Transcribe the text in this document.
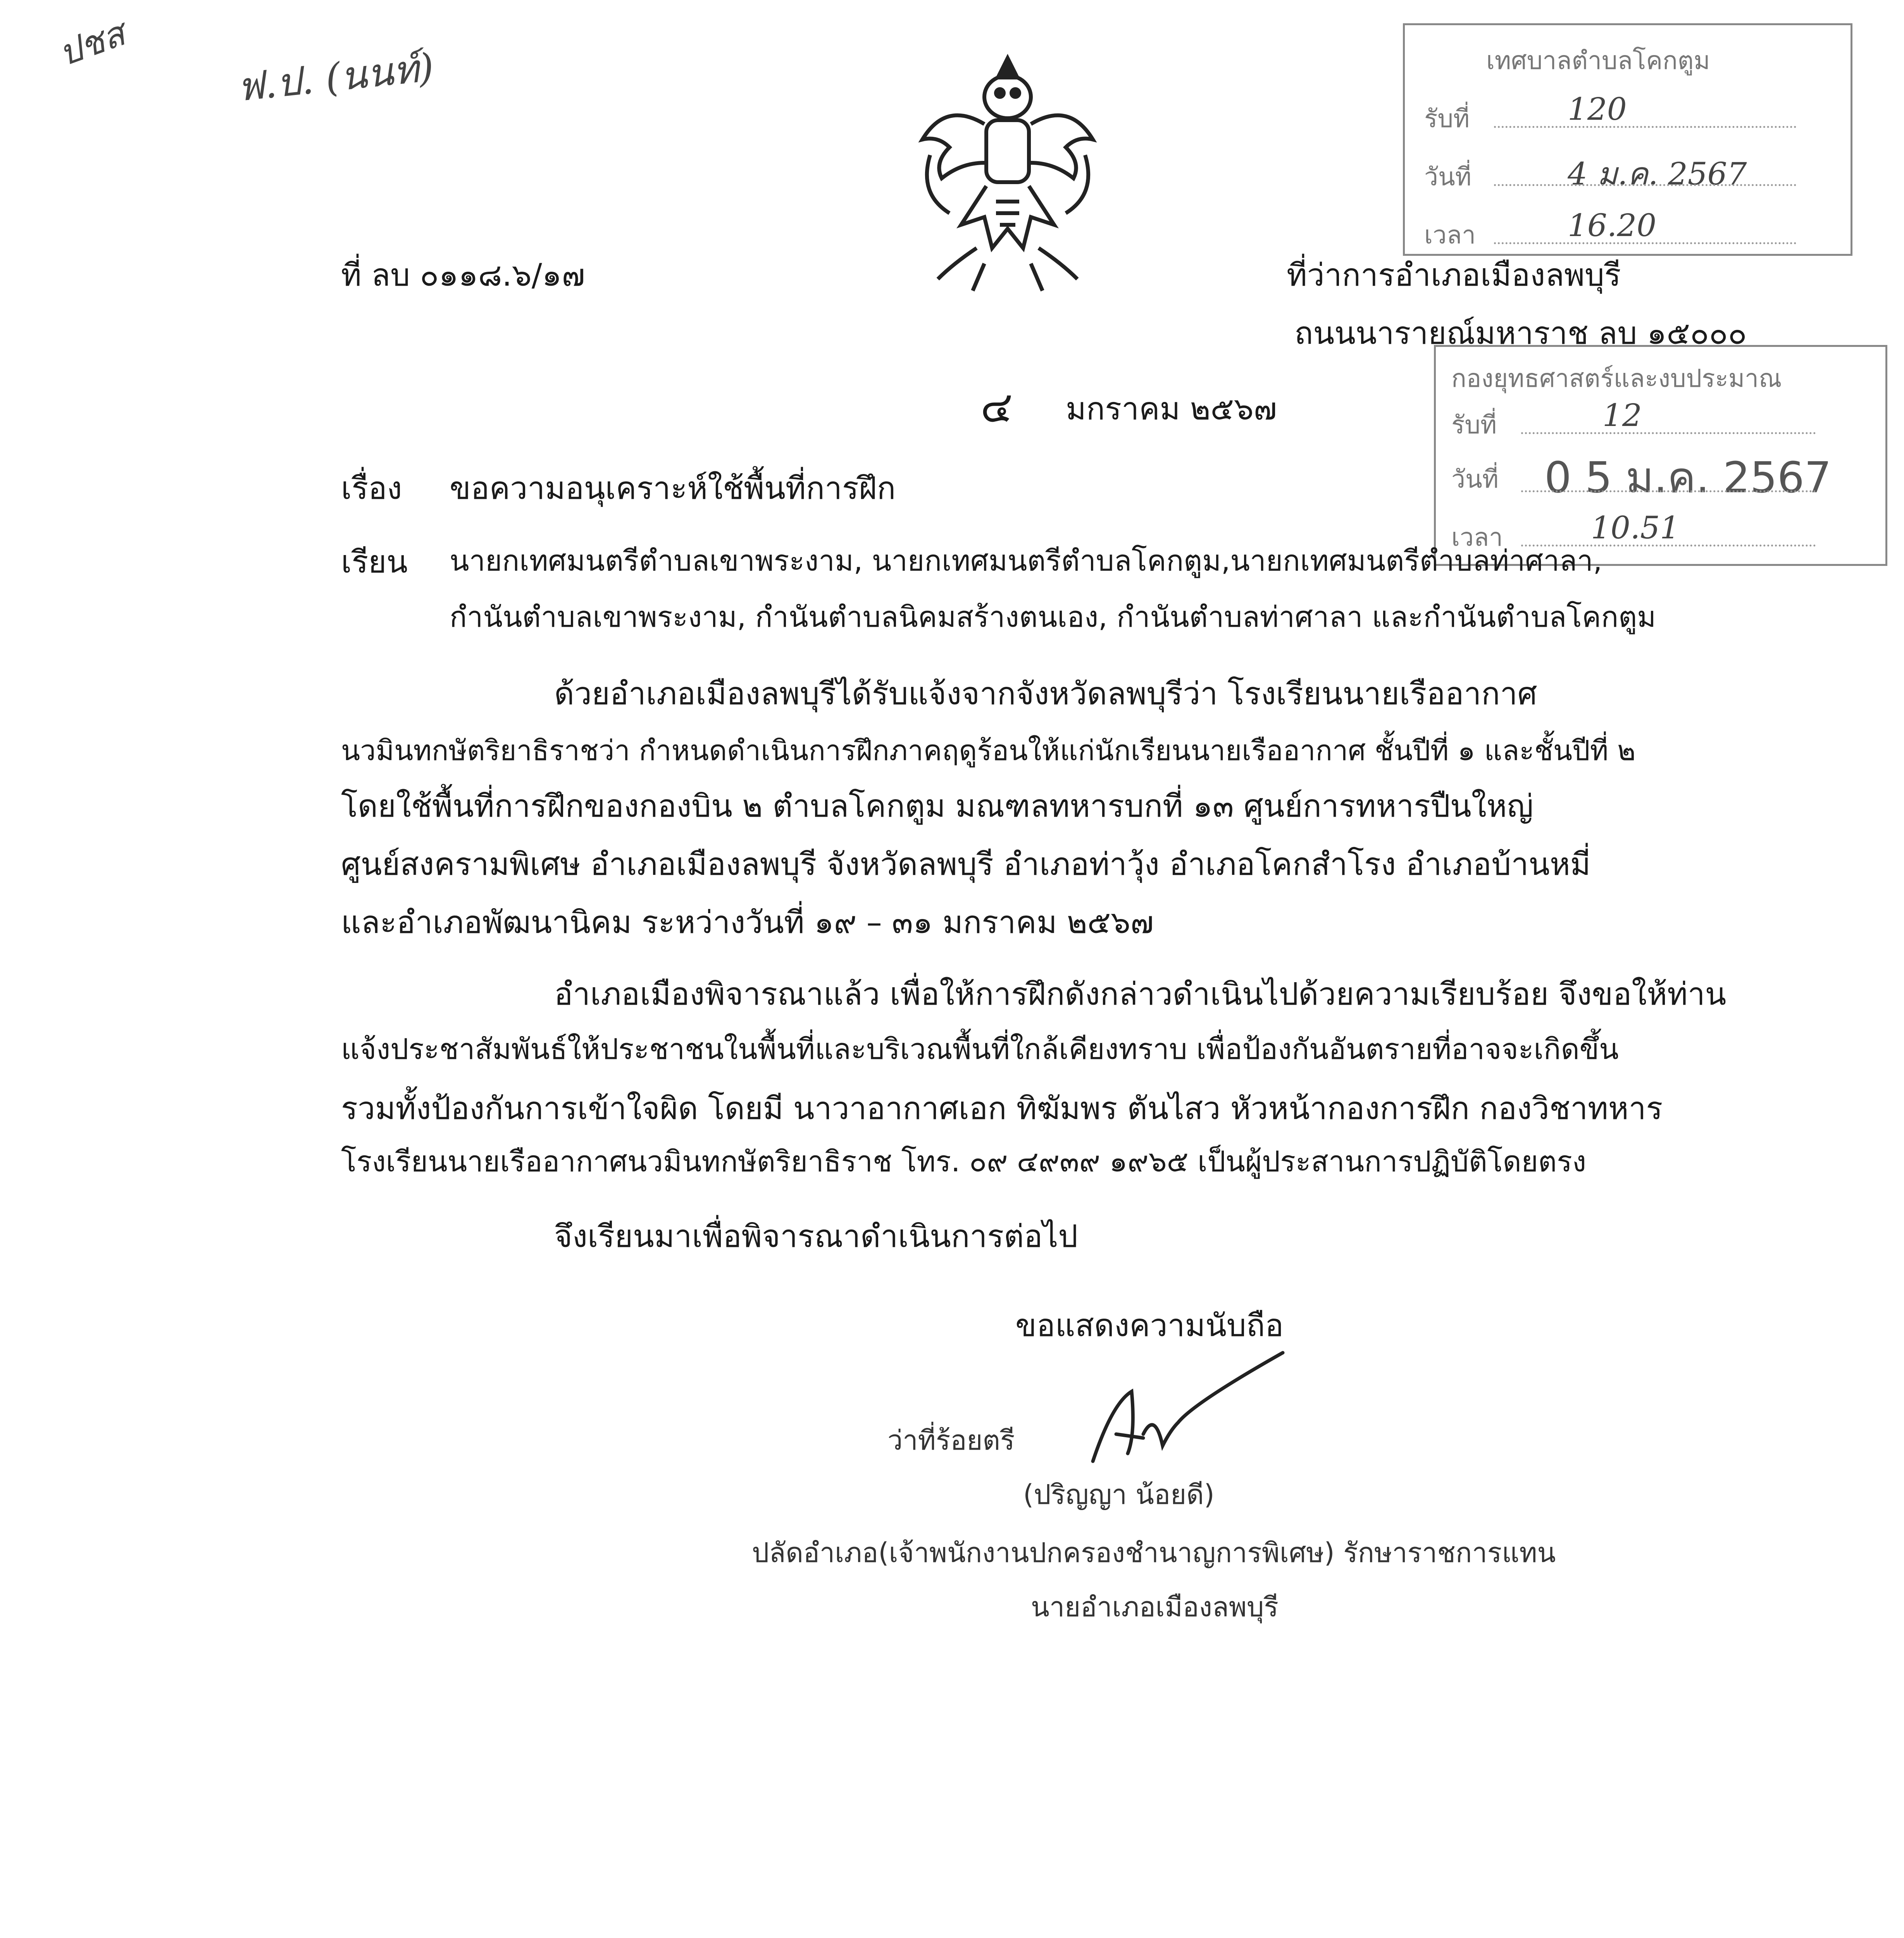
ปชส
ฟ.ป. (นนท์)	เทศบาลตำบลโคกตูม
รับที่	120
วันที่	4 ม.ค. 2567
เวลา	16.20
ที่ ลบ ๐๑๑๘.๖/๑๗	ที่ว่าการอำเภอเมืองลพบุรี
ถนนนารายณ์มหาราช ลบ ๑๕๐๐๐
กองยุทธศาสตร์และงบประมาณ
รับที่	12
วันที่ 0 5 ม.ค. 2567
เวลา	10.51
๔ มกราคม ๒๕๖๗
เรื่อง ขอความอนุเคราะห์ใช้พื้นที่การฝึก
เรียน นายกเทศมนตรีตำบลเขาพระงาม, นายกเทศมนตรีตำบลโคกตูม,นายกเทศมนตรีตำบลท่าศาลา,
กำนันตำบลเขาพระงาม, กำนันตำบลนิคมสร้างตนเอง, กำนันตำบลท่าศาลา และกำนันตำบลโคกตูม
ด้วยอำเภอเมืองลพบุรีได้รับแจ้งจากจังหวัดลพบุรีว่า โรงเรียนนายเรืออากาศ
นวมินทกษัตริยาธิราชว่า กำหนดดำเนินการฝึกภาคฤดูร้อนให้แก่นักเรียนนายเรืออากาศ ชั้นปีที่ ๑ และชั้นปีที่ ๒
โดยใช้พื้นที่การฝึกของกองบิน ๒ ตำบลโคกตูม มณฑลทหารบกที่ ๑๓ ศูนย์การทหารปืนใหญ่
ศูนย์สงครามพิเศษ อำเภอเมืองลพบุรี จังหวัดลพบุรี อำเภอท่าวุ้ง อำเภอโคกสำโรง อำเภอบ้านหมี่
และอำเภอพัฒนานิคม ระหว่างวันที่ ๑๙ – ๓๑ มกราคม ๒๕๖๗
อำเภอเมืองพิจารณาแล้ว เพื่อให้การฝึกดังกล่าวดำเนินไปด้วยความเรียบร้อย จึงขอให้ท่าน
แจ้งประชาสัมพันธ์ให้ประชาชนในพื้นที่และบริเวณพื้นที่ใกล้เคียงทราบ เพื่อป้องกันอันตรายที่อาจจะเกิดขึ้น
รวมทั้งป้องกันการเข้าใจผิด โดยมี นาวาอากาศเอก ทิฆัมพร ตันไสว หัวหน้ากองการฝึก กองวิชาทหาร
โรงเรียนนายเรืออากาศนวมินทกษัตริยาธิราช โทร. ๐๙ ๔๙๓๙ ๑๙๖๕ เป็นผู้ประสานการปฏิบัติโดยตรง
จึงเรียนมาเพื่อพิจารณาดำเนินการต่อไป
ขอแสดงความนับถือ
ว่าที่ร้อยตรี
(ปริญญา น้อยดี)
ปลัดอำเภอ(เจ้าพนักงานปกครองชำนาญการพิเศษ) รักษาราชการแทน
นายอำเภอเมืองลพบุรี
